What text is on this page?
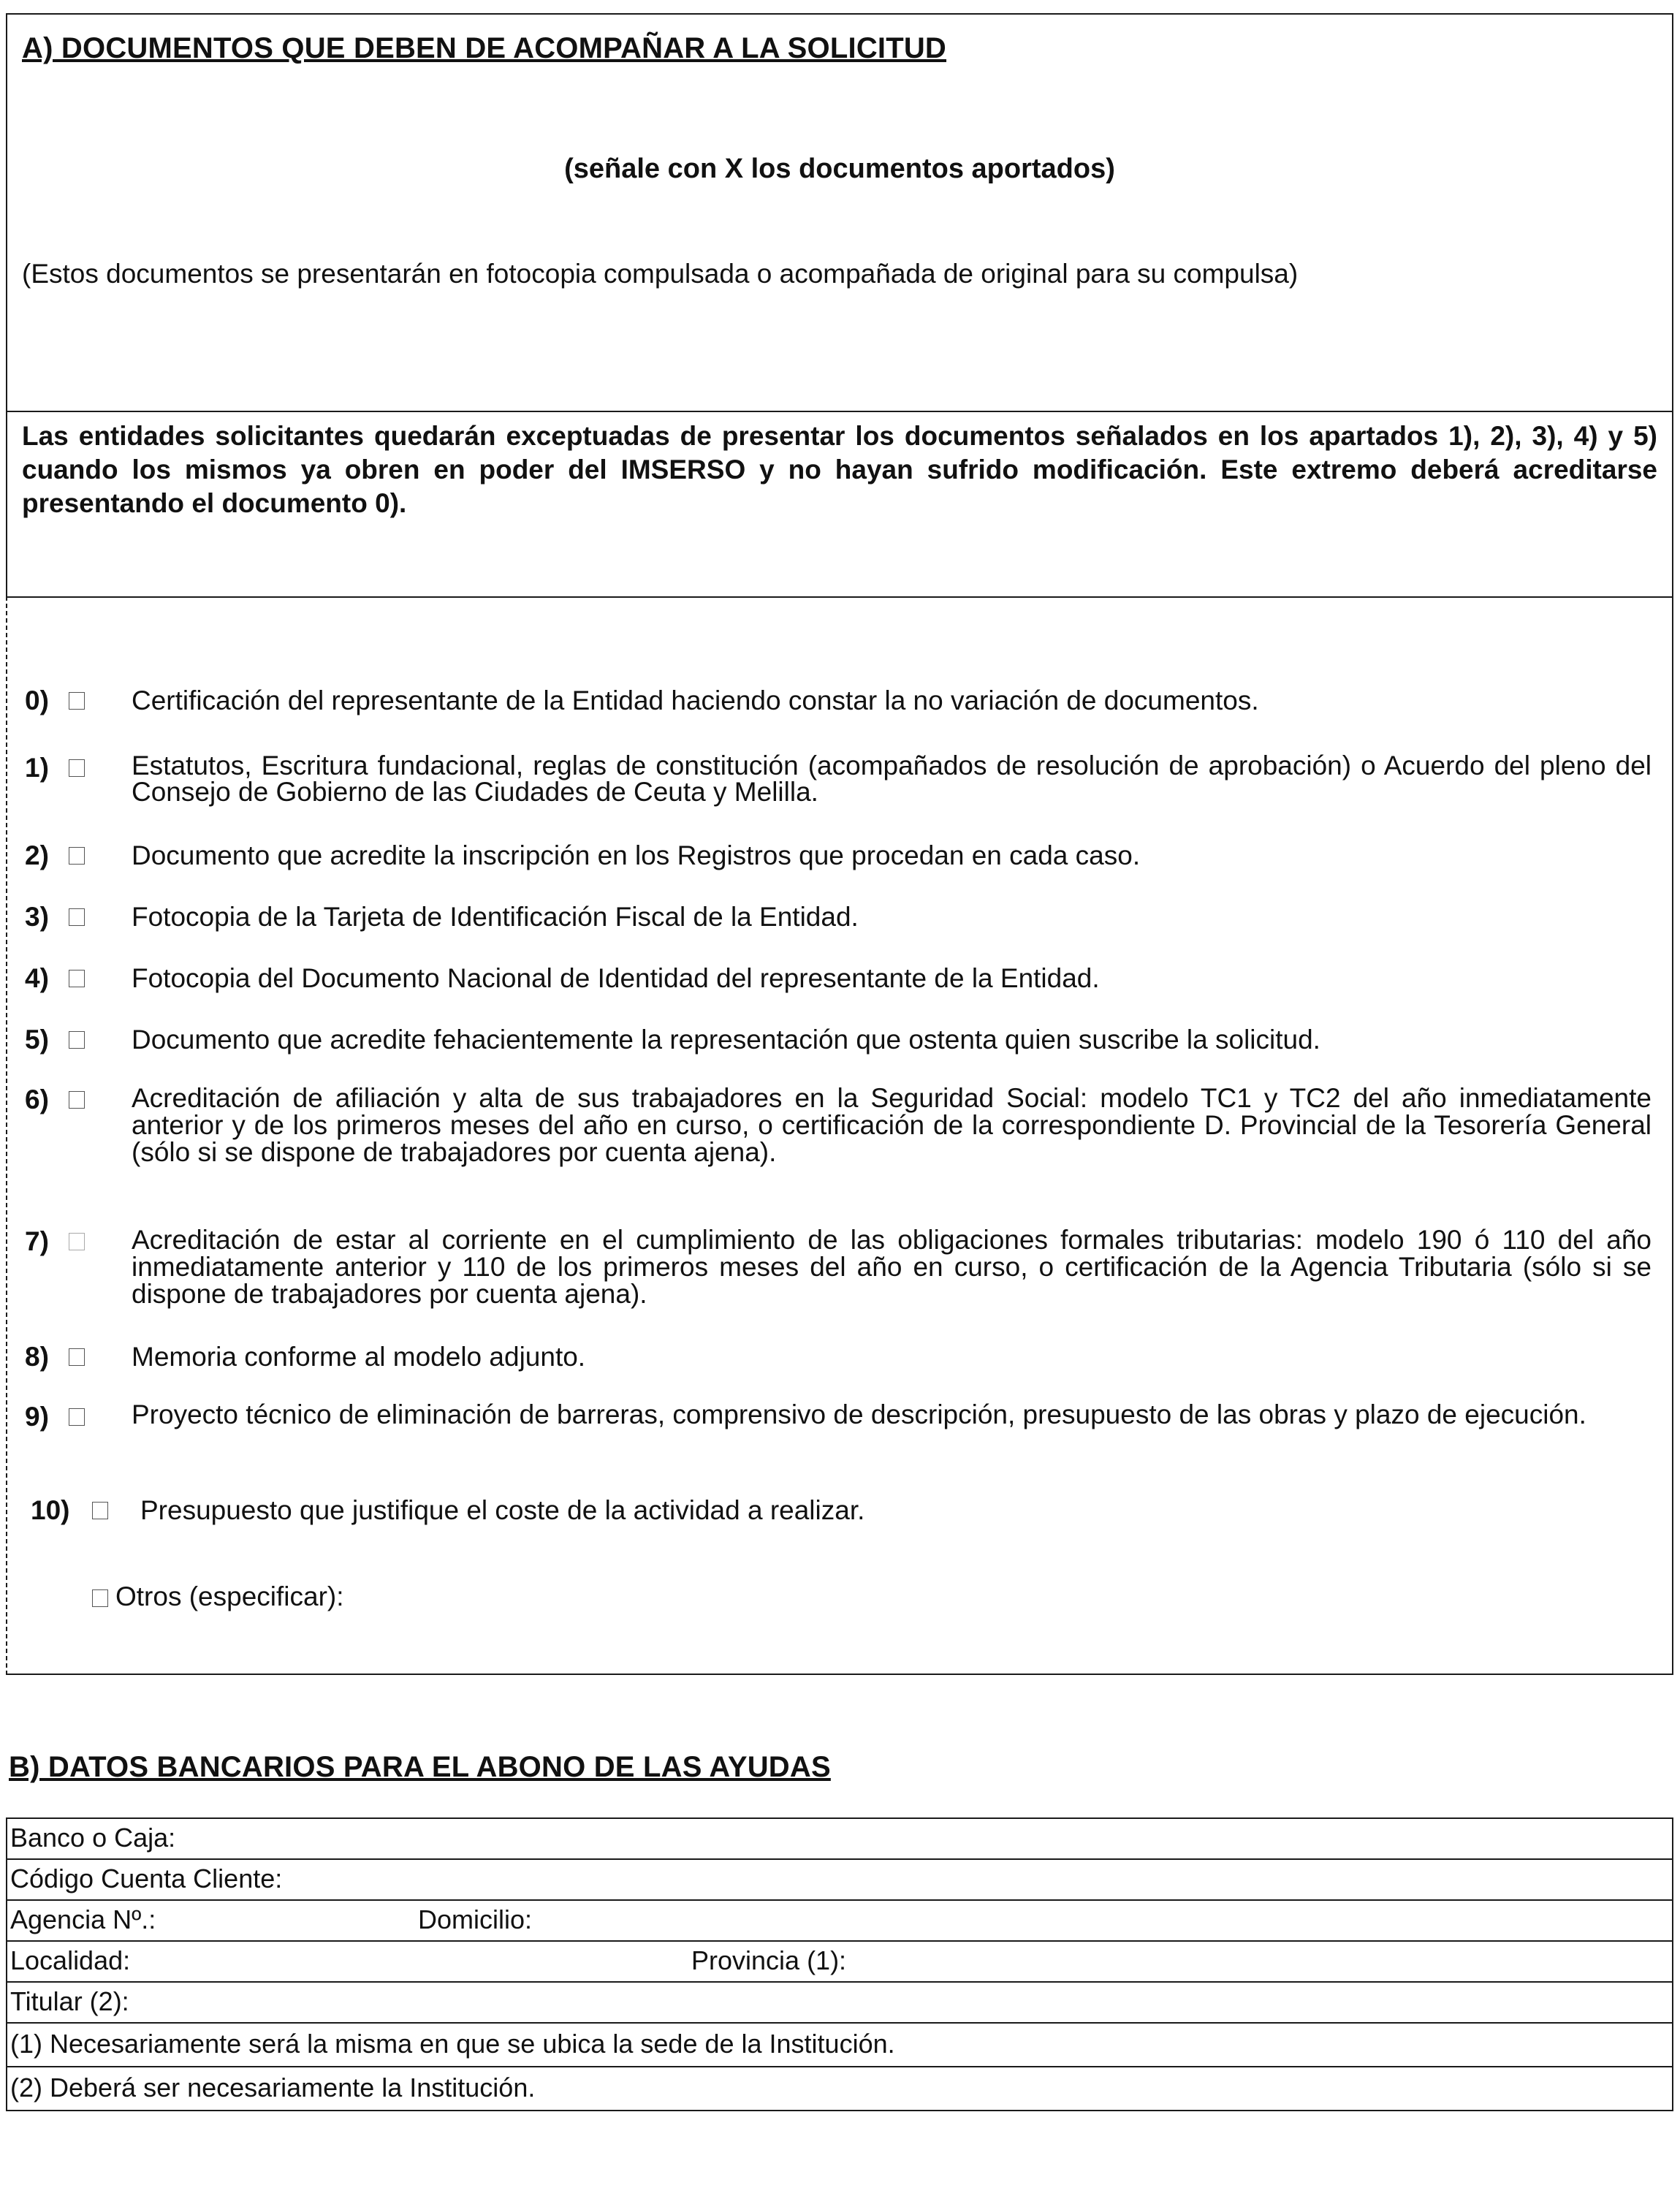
A) DOCUMENTOS QUE DEBEN DE ACOMPAÑAR A LA SOLICITUD
(señale con X los documentos aportados)
(Estos documentos se presentarán en fotocopia compulsada o acompañada de original para su compulsa)
Las entidades solicitantes quedarán exceptuadas de presentar los documentos señalados en los apartados 1), 2), 3), 4) y 5) cuando los mismos ya obren en poder del IMSERSO y no hayan sufrido modificación. Este extremo deberá acreditarse presentando el documento 0).
0)	Certificación del representante de la Entidad haciendo constar la no variación de documentos.
1)	Estatutos, Escritura fundacional, reglas de constitución (acompañados de resolución de aprobación) o Acuerdo del pleno del Consejo de Gobierno de las Ciudades de Ceuta y Melilla.
2)	Documento que acredite la inscripción en los Registros que procedan en cada caso.
3)	Fotocopia de la Tarjeta de Identificación Fiscal de la Entidad.
4)	Fotocopia del Documento Nacional de Identidad del representante de la Entidad.
5)	Documento que acredite fehacientemente la representación que ostenta quien suscribe la solicitud.
6)	Acreditación de afiliación y alta de sus trabajadores en la Seguridad Social: modelo TC1 y TC2 del año inmediatamente anterior y de los primeros meses del año en curso, o certificación de la correspondiente D. Provincial de la Tesorería General (sólo si se dispone de trabajadores por cuenta ajena).
7)	Acreditación de estar al corriente en el cumplimiento de las obligaciones formales tributarias: modelo 190 ó 110 del año inmediatamente anterior y 110 de los primeros meses del año en curso, o certificación de la Agencia Tributaria (sólo si se dispone de trabajadores por cuenta ajena).
8)	Memoria conforme al modelo adjunto.
9)	Proyecto técnico de eliminación de barreras, comprensivo de descripción, presupuesto de las obras y plazo de ejecución.
10)	Presupuesto que justifique el coste de la actividad a realizar.
Otros (especificar):
B) DATOS BANCARIOS PARA EL ABONO DE LAS AYUDAS
Banco o Caja:
Código Cuenta Cliente:
Agencia Nº.:	Domicilio:
Localidad:	Provincia (1):
Titular (2):
(1) Necesariamente será la misma en que se ubica la sede de la Institución.
(2) Deberá ser necesariamente la Institución.
